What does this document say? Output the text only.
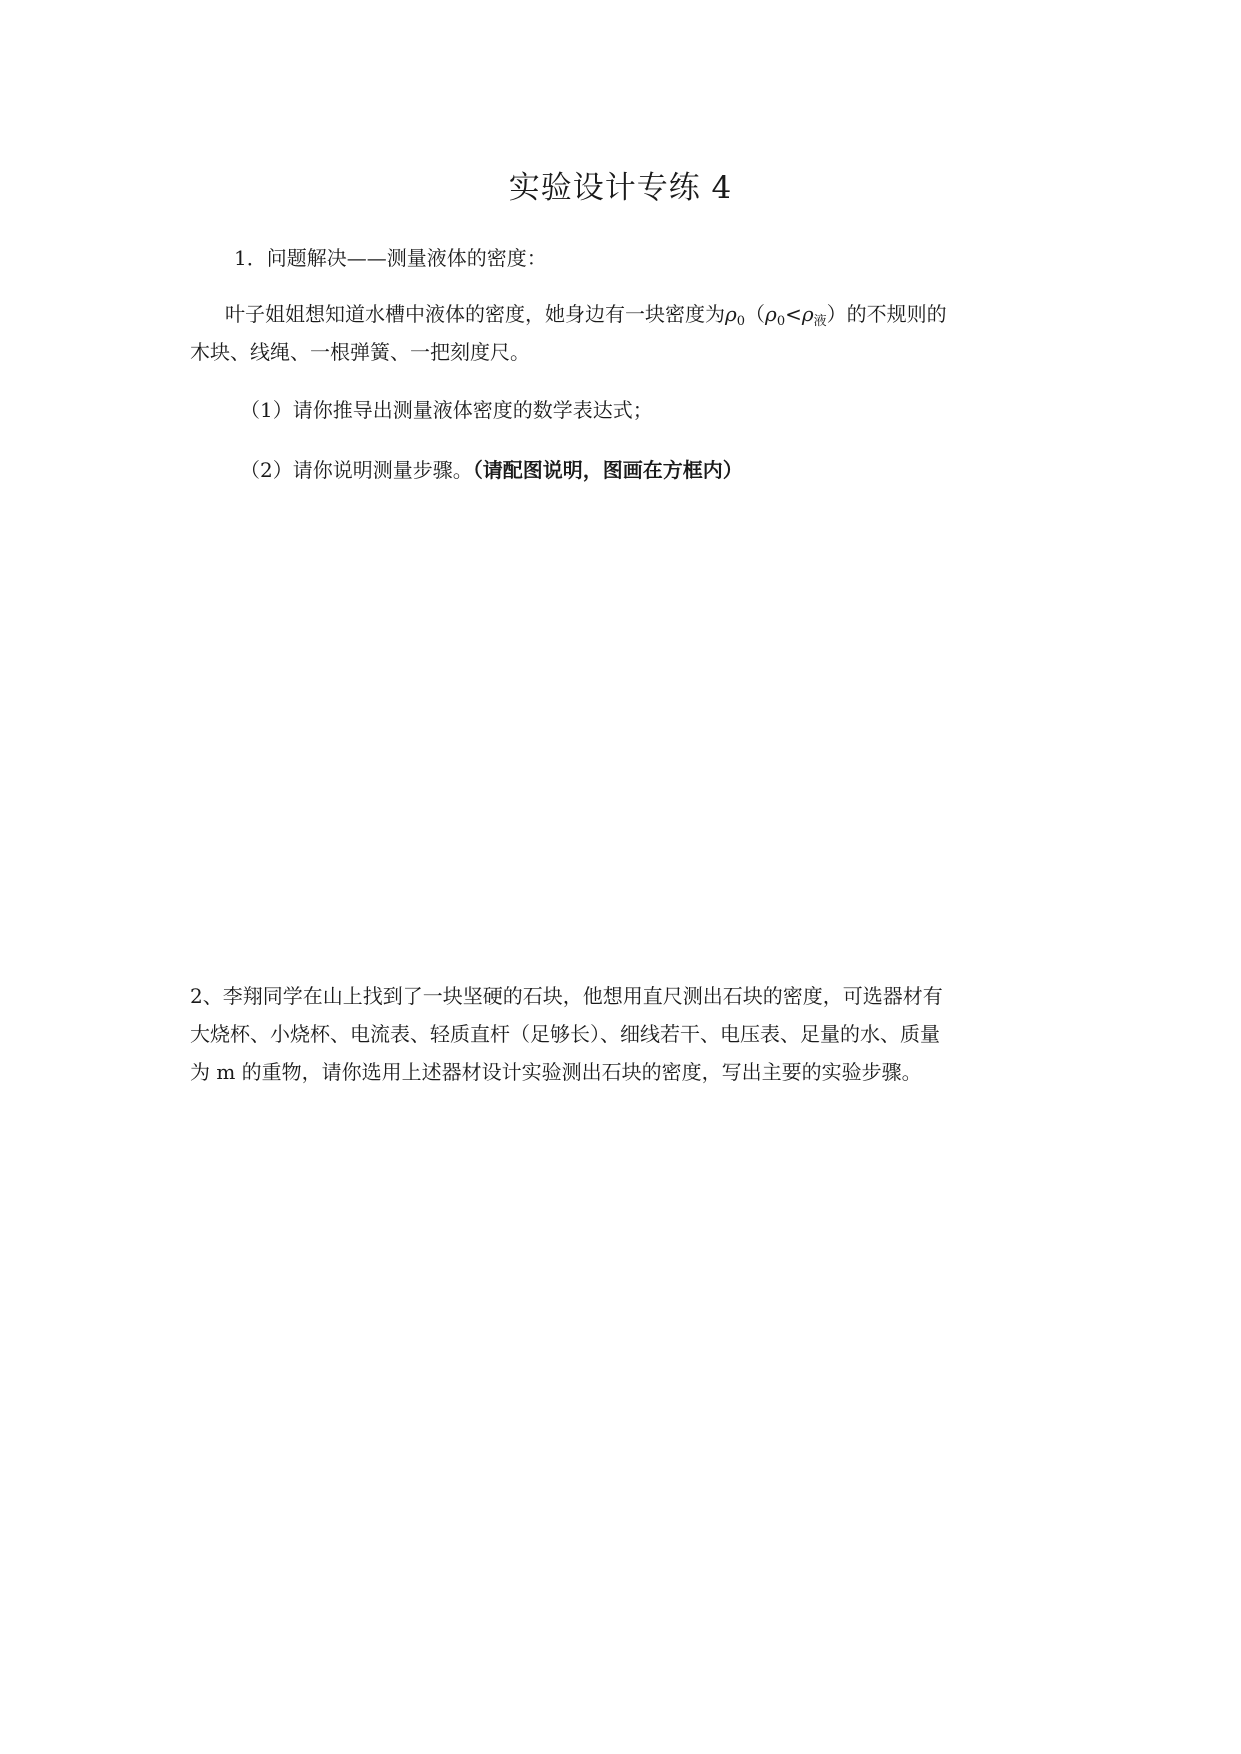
实验设计专练 4

1．问题解决——测量液体的密度：

叶子姐姐想知道水槽中液体的密度，她身边有一块密度为$\rho_0(\rho_0<\rho_液)$的不规则的

木块、线绳、一根弹簧、一把刻度尺。

（1）请你推导出测量液体密度的数学表达式；

（2）请你说明测量步骤。（请配图说明，图画在方框内）

2、李翔同学在山上找到了一块坚硬的石块，他想用直尺测出石块的密度，可选器材有

大烧杯、小烧杯、电流表、轻质直杆（足够长）、细线若干、电压表、足量的水、质量

为 m 的重物，请你选用上述器材设计实验测出石块的密度，写出主要的实验步骤。
